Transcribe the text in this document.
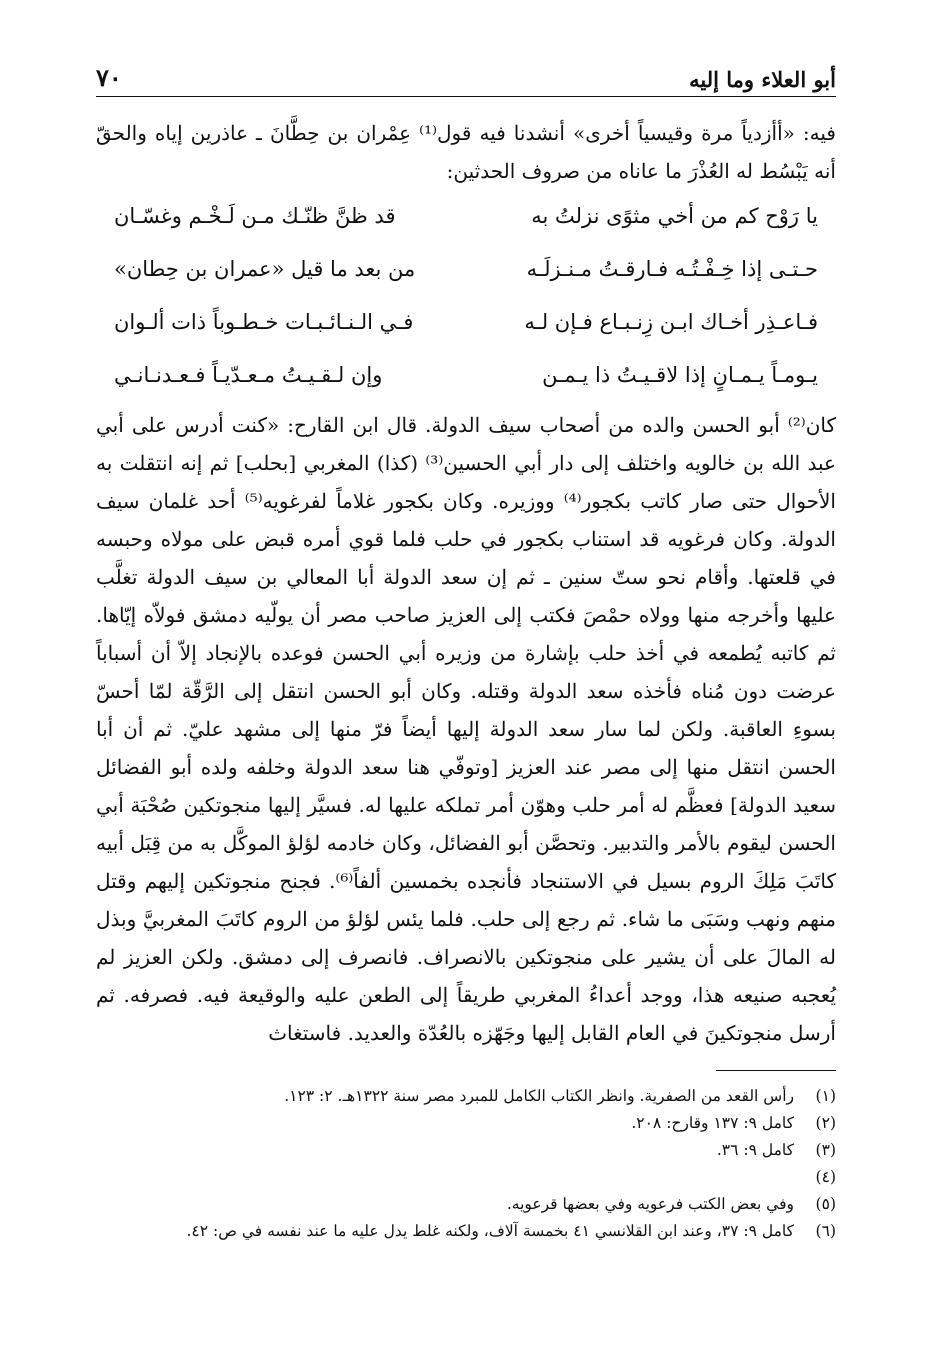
أبو العلاء وما إليه
٧٠
فيه: «أأزدياً مرة وقيسياً أخرى» أنشدنا فيه قول⁽¹⁾ عِمْران بن حِطَّانَ ـ عاذرين إياه والحقّ أنه يَبْسُط له العُذْرَ ما عاناه من صروف الحدثين:
يا رَوْح كم من أخي مثوًى نزلتُ به
قد ظنَّ ظنّـك مـن لَـخْـم وغسّـان
حـتـى إذا خِـفْـتُـه فـارقـتُ مـنـزلَـه
من بعد ما قيل «عمران بن حِطان»
فـاعـذِر أخـاك ابـن زِنـبـاع فـإن لـه
فـي الـنـائـبـات خـطـوباً ذات ألـوان
يـومـاً يـمـانٍ إذا لاقـيـتُ ذا يـمـن
وإن لـقـيـتُ مـعـدّيـاً فـعـدنـانـي
كان⁽²⁾ أبو الحسن والده من أصحاب سيف الدولة. قال ابن القارح: «كنت أدرس على أبي عبد الله بن خالويه واختلف إلى دار أبي الحسين⁽³⁾ (كذا) المغربي [بحلب] ثم إنه انتقلت به الأحوال حتى صار كاتب بكجور⁽⁴⁾ ووزيره. وكان بكجور غلاماً لفرغويه⁽⁵⁾ أحد غلمان سيف الدولة. وكان فرغويه قد استناب بكجور في حلب فلما قوي أمره قبض على مولاه وحبسه في قلعتها. وأقام نحو ستّ سنين ـ ثم إن سعد الدولة أبا المعالي بن سيف الدولة تغلَّب عليها وأخرجه منها وولاه حمْصَ فكتب إلى العزيز صاحب مصر أن يولّيه دمشق فولاّه إيّاها. ثم كاتبه يُطمعه في أخذ حلب بإشارة من وزيره أبي الحسن فوعده بالإنجاد إلاّ أن أسباباً عرضت دون مُناه فأخذه سعد الدولة وقتله. وكان أبو الحسن انتقل إلى الرَّقّة لمّا أحسّ بسوءِ العاقبة. ولكن لما سار سعد الدولة إليها أيضاً فرّ منها إلى مشهد عليّ. ثم أن أبا الحسن انتقل منها إلى مصر عند العزيز [وتوفّي هنا سعد الدولة وخلفه ولده أبو الفضائل سعيد الدولة] فعظَّم له أمر حلب وهوّن أمر تملكه عليها له. فسيَّر إليها منجوتكين صُحْبَة أبي الحسن ليقوم بالأمر والتدبير. وتحصَّن أبو الفضائل، وكان خادمه لؤلؤ الموكَّل به من قِبَل أبيه كاتَبَ مَلِكَ الروم بسيل في الاستنجاد فأنجده بخمسين ألفاً⁽⁶⁾. فجنح منجوتكين إليهم وقتل منهم ونهب وسَبَى ما شاء. ثم رجع إلى حلب. فلما يئس لؤلؤ من الروم كاتَبَ المغربيَّ وبذل له المالَ على أن يشير على منجوتكين بالانصراف. فانصرف إلى دمشق. ولكن العزيز لم يُعجبه صنيعه هذا، ووجد أعداءُ المغربي طريقاً إلى الطعن عليه والوقيعة فيه. فصرفه. ثم أرسل منجوتكينَ في العام القابل إليها وجَهّزه بالعُدّة والعديد. فاستغاث
(١)
رأس القعد من الصفرية. وانظر الكتاب الكامل للمبرد مصر سنة ١٣٢٢هـ. ٢: ١٢٣.
(٢)
كامل ٩: ١٣٧ وقارح: ٢٠٨.
(٣) (٤)
كامل ٩: ٣٦.
(٥)
وفي بعض الكتب فرعويه وفي بعضها قرعويه.
(٦)
كامل ٩: ٣٧، وعند ابن القلانسي ٤١ بخمسة آلاف، ولكنه غلط يدل عليه ما عند نفسه في ص: ٤٢.
